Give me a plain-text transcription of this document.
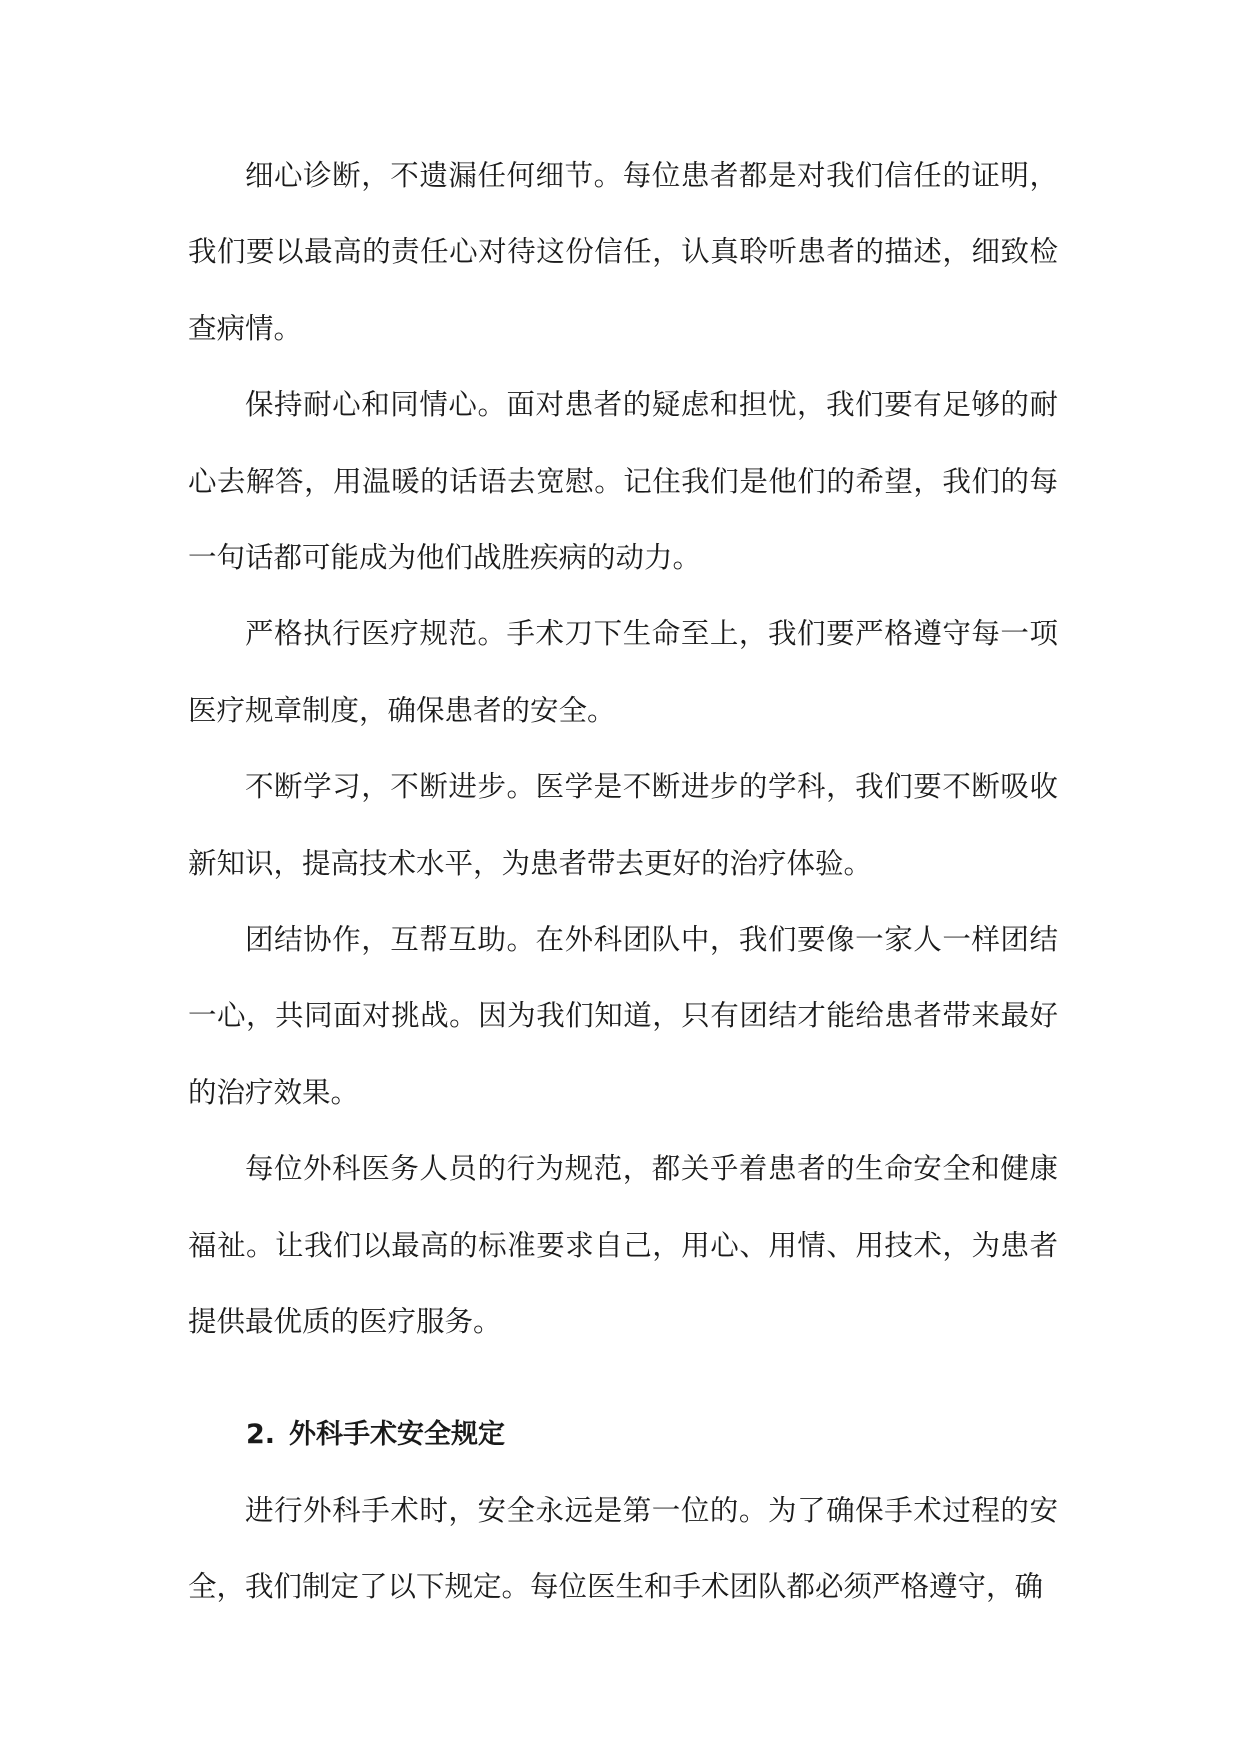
细心诊断，不遗漏任何细节。每位患者都是对我们信任的证明，我们要以最高的责任心对待这份信任，认真聆听患者的描述，细致检查病情。

保持耐心和同情心。面对患者的疑虑和担忧，我们要有足够的耐心去解答，用温暖的话语去宽慰。记住我们是他们的希望，我们的每一句话都可能成为他们战胜疾病的动力。

严格执行医疗规范。手术刀下生命至上，我们要严格遵守每一项医疗规章制度，确保患者的安全。

不断学习，不断进步。医学是不断进步的学科，我们要不断吸收新知识，提高技术水平，为患者带去更好的治疗体验。

团结协作，互帮互助。在外科团队中，我们要像一家人一样团结一心，共同面对挑战。因为我们知道，只有团结才能给患者带来最好的治疗效果。

每位外科医务人员的行为规范，都关乎着患者的生命安全和健康福祉。让我们以最高的标准要求自己，用心、用情、用技术，为患者提供最优质的医疗服务。

2. 外科手术安全规定

进行外科手术时，安全永远是第一位的。为了确保手术过程的安全，我们制定了以下规定。每位医生和手术团队都必须严格遵守，确
